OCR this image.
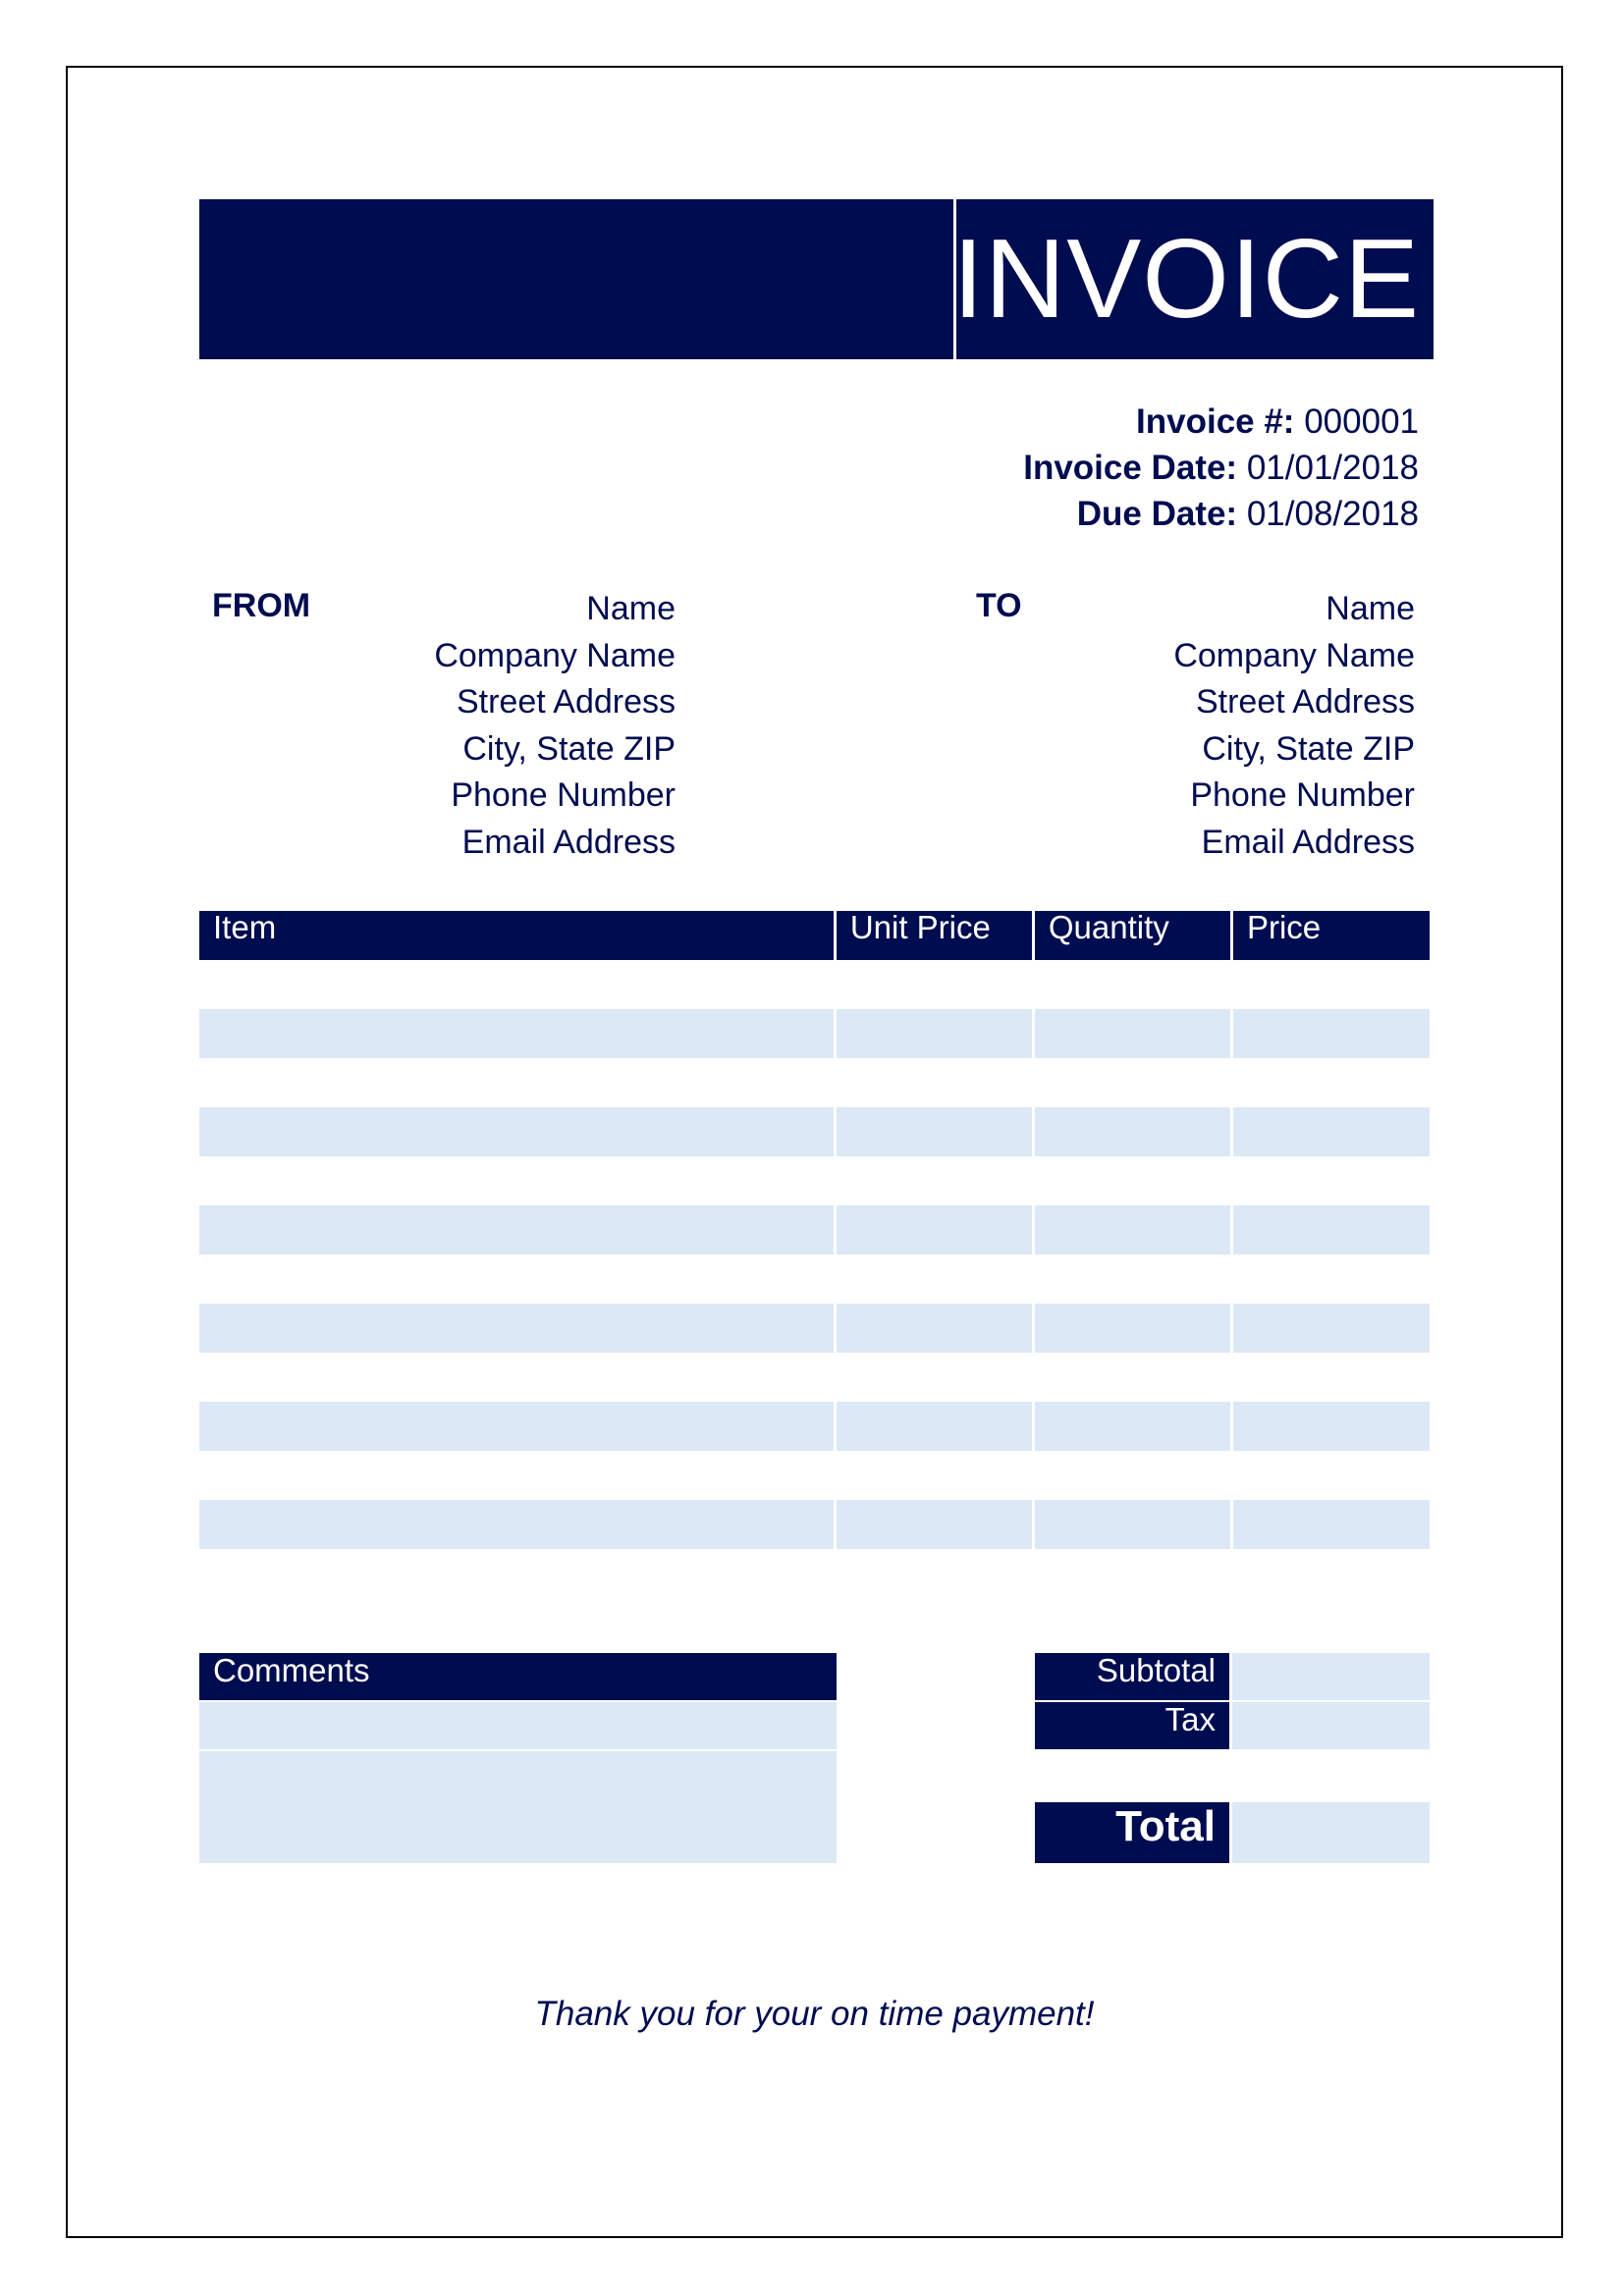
INVOICE
Invoice #: 000001
Invoice Date: 01/01/2018
Due Date: 01/08/2018
FROM	Name
Company Name
Street Address
City, State ZIP
Phone Number
Email Address
TO	Name
Company Name
Street Address
City, State ZIP
Phone Number
Email Address
Item	Unit Price	Quantity	Price
Comments	Subtotal
Tax
Total
Thank you for your on time payment!
